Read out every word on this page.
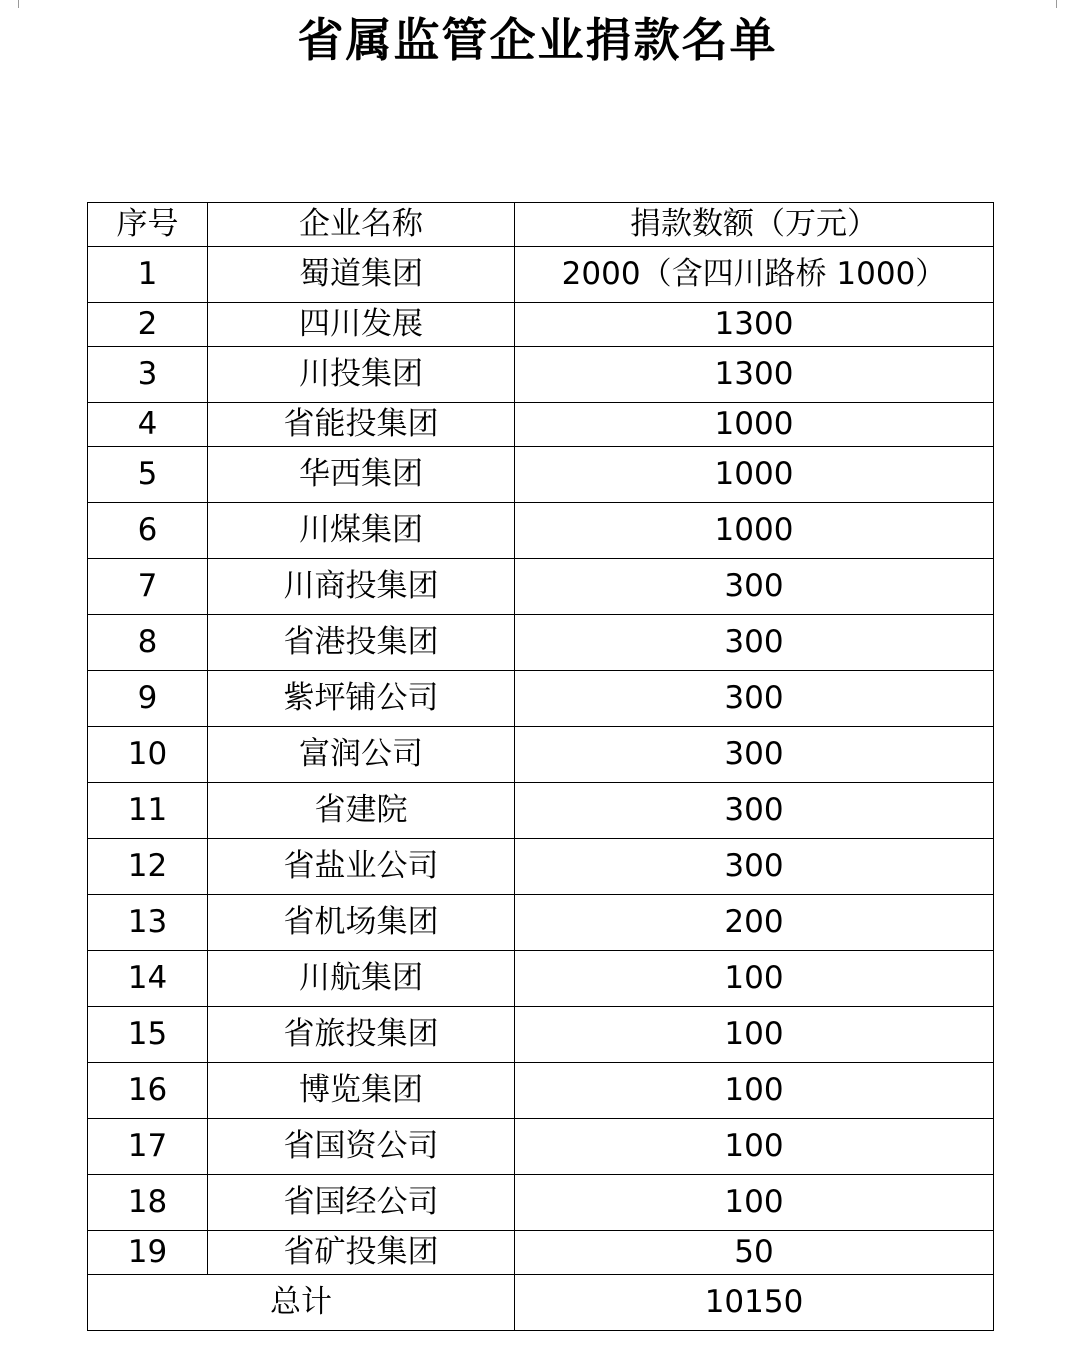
省属监管企业捐款名单
序号	企业名称	捐款数额（万元）
1	蜀道集团	2000（含四川路桥 1000）
2	四川发展	1300
3	川投集团	1300
4	省能投集团	1000
5	华西集团	1000
6	川煤集团	1000
7	川商投集团	300
8	省港投集团	300
9	紫坪铺公司	300
10	富润公司	300
11	省建院	300
12	省盐业公司	300
13	省机场集团	200
14	川航集团	100
15	省旅投集团	100
16	博览集团	100
17	省国资公司	100
18	省国经公司	100
19	省矿投集团	50
总计		10150
